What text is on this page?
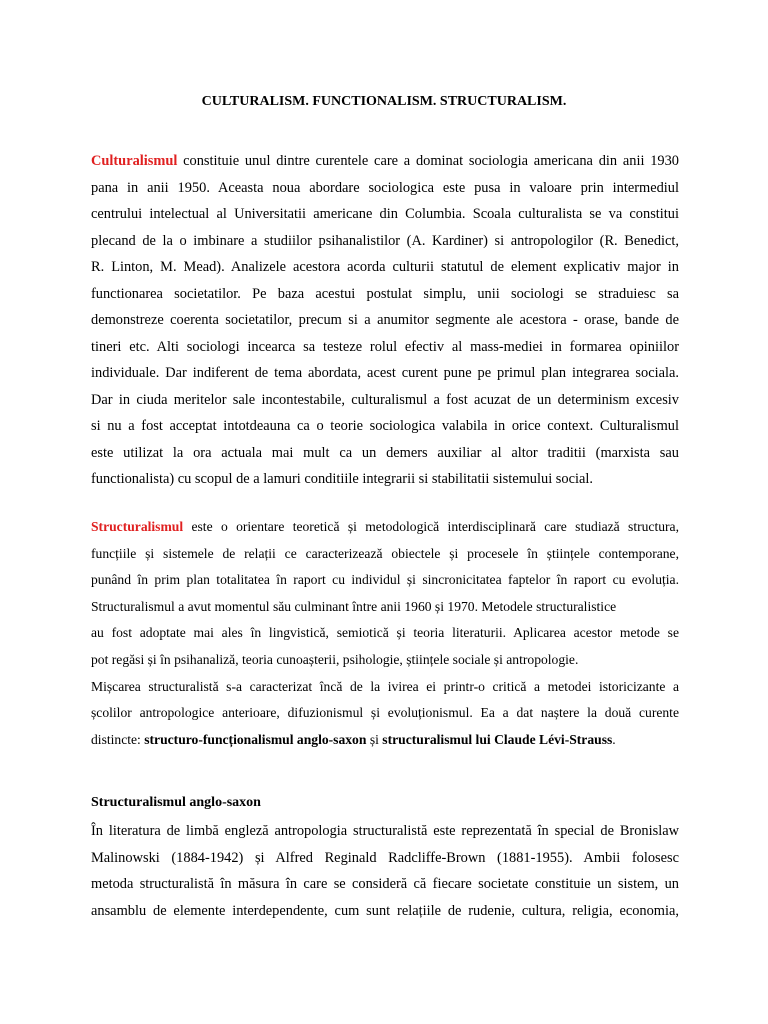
CULTURALISM. FUNCTIONALISM. STRUCTURALISM.
Culturalismul constituie unul dintre curentele care a dominat sociologia americana din anii 1930
pana in anii 1950. Aceasta noua abordare sociologica este pusa in valoare prin intermediul
centrului intelectual al Universitatii americane din Columbia. Scoala culturalista se va constitui
plecand de la o imbinare a studiilor psihanalistilor (A. Kardiner) si antropologilor (R. Benedict,
R. Linton, M. Mead). Analizele acestora acorda culturii statutul de element explicativ major in
functionarea societatilor. Pe baza acestui postulat simplu, unii sociologi se straduiesc sa
demonstreze coerenta societatilor, precum si a anumitor segmente ale acestora - orase, bande de
tineri etc. Alti sociologi incearca sa testeze rolul efectiv al mass-mediei in formarea opiniilor
individuale. Dar indiferent de tema abordata, acest curent pune pe primul plan integrarea sociala.
Dar in ciuda meritelor sale incontestabile, culturalismul a fost acuzat de un determinism excesiv
si nu a fost acceptat intotdeauna ca o teorie sociologica valabila in orice context. Culturalismul
este utilizat la ora actuala mai mult ca un demers auxiliar al altor traditii (marxista sau
functionalista) cu scopul de a lamuri conditiile integrarii si stabilitatii sistemului social.
Structuralismul este o orientare teoretică și metodologică interdisciplinară care studiază structura,
funcțiile și sistemele de relații ce caracterizează obiectele și procesele în științele contemporane,
punând în prim plan totalitatea în raport cu individul și sincronicitatea faptelor în raport cu evoluția.
Structuralismul a avut momentul său culminant între anii 1960 și 1970. Metodele structuralistice
au fost adoptate mai ales în lingvistică, semiotică și teoria literaturii. Aplicarea acestor metode se
pot regăsi și în psihanaliză, teoria cunoașterii, psihologie, științele sociale și antropologie.
Mișcarea structuralistă s-a caracterizat încă de la ivirea ei printr-o critică a metodei istoricizante a
școlilor antropologice anterioare, difuzionismul și evoluționismul. Ea a dat naștere la două curente
distincte: structuro-funcționalismul anglo-saxon și structuralismul lui Claude Lévi-Strauss.
Structuralismul anglo-saxon
În literatura de limbă engleză antropologia structuralistă este reprezentată în special de Bronislaw
Malinowski (1884-1942) și Alfred Reginald Radcliffe-Brown (1881-1955). Ambii folosesc
metoda structuralistă în măsura în care se consideră că fiecare societate constituie un sistem, un
ansamblu de elemente interdependente, cum sunt relațiile de rudenie, cultura, religia, economia,
